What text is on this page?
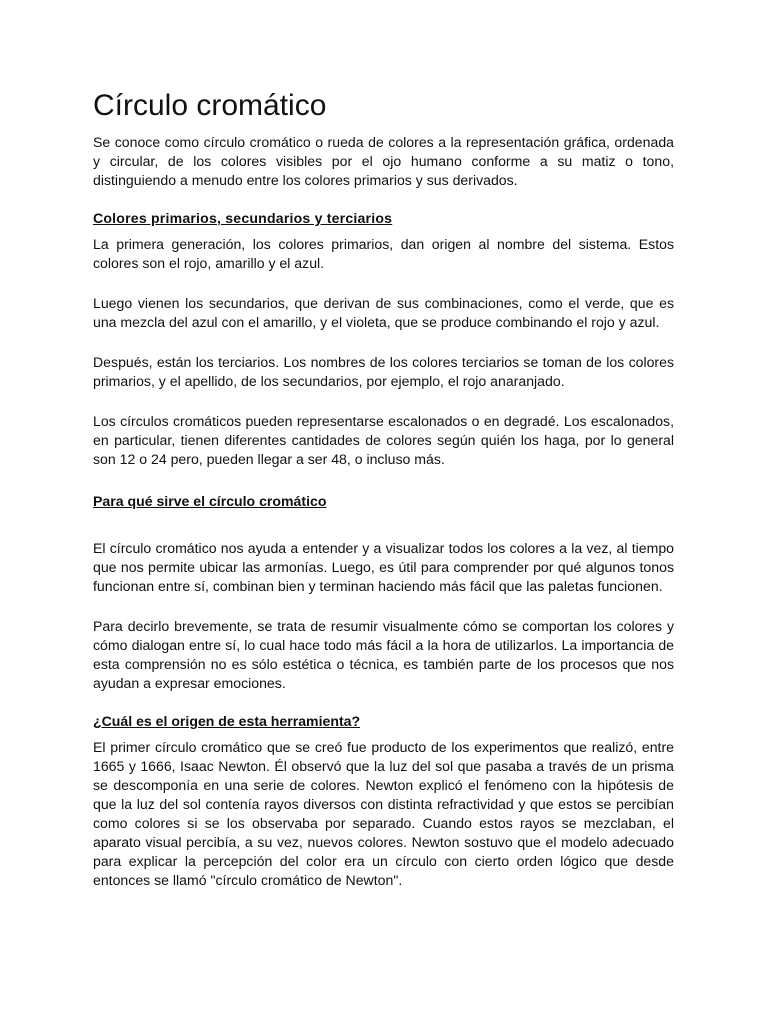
Círculo cromático

Se conoce como círculo cromático o rueda de colores a la representación gráfica, ordenada y circular, de los colores visibles por el ojo humano conforme a su matiz o tono, distinguiendo a menudo entre los colores primarios y sus derivados.

Colores primarios, secundarios y terciarios

La primera generación, los colores primarios, dan origen al nombre del sistema. Estos colores son el rojo, amarillo y el azul.

Luego vienen los secundarios, que derivan de sus combinaciones, como el verde, que es una mezcla del azul con el amarillo, y el violeta, que se produce combinando el rojo y azul.

Después, están los terciarios. Los nombres de los colores terciarios se toman de los colores primarios, y el apellido, de los secundarios, por ejemplo, el rojo anaranjado.

Los círculos cromáticos pueden representarse escalonados o en degradé. Los escalonados, en particular, tienen diferentes cantidades de colores según quién los haga, por lo general son 12 o 24 pero, pueden llegar a ser 48, o incluso más.

Para qué sirve el círculo cromático

El círculo cromático nos ayuda a entender y a visualizar todos los colores a la vez, al tiempo que nos permite ubicar las armonías. Luego, es útil para comprender por qué algunos tonos funcionan entre sí, combinan bien y terminan haciendo más fácil que las paletas funcionen.

Para decirlo brevemente, se trata de resumir visualmente cómo se comportan los colores y cómo dialogan entre sí, lo cual hace todo más fácil a la hora de utilizarlos. La importancia de esta comprensión no es sólo estética o técnica, es también parte de los procesos que nos ayudan a expresar emociones.

¿Cuál es el origen de esta herramienta?

El primer círculo cromático que se creó fue producto de los experimentos que realizó, entre 1665 y 1666, Isaac Newton. Él observó que la luz del sol que pasaba a través de un prisma se descomponía en una serie de colores. Newton explicó el fenómeno con la hipótesis de que la luz del sol contenía rayos diversos con distinta refractividad y que estos se percibían como colores si se los observaba por separado. Cuando estos rayos se mezclaban, el aparato visual percibía, a su vez, nuevos colores. Newton sostuvo que el modelo adecuado para explicar la percepción del color era un círculo con cierto orden lógico que desde entonces se llamó "círculo cromático de Newton".
